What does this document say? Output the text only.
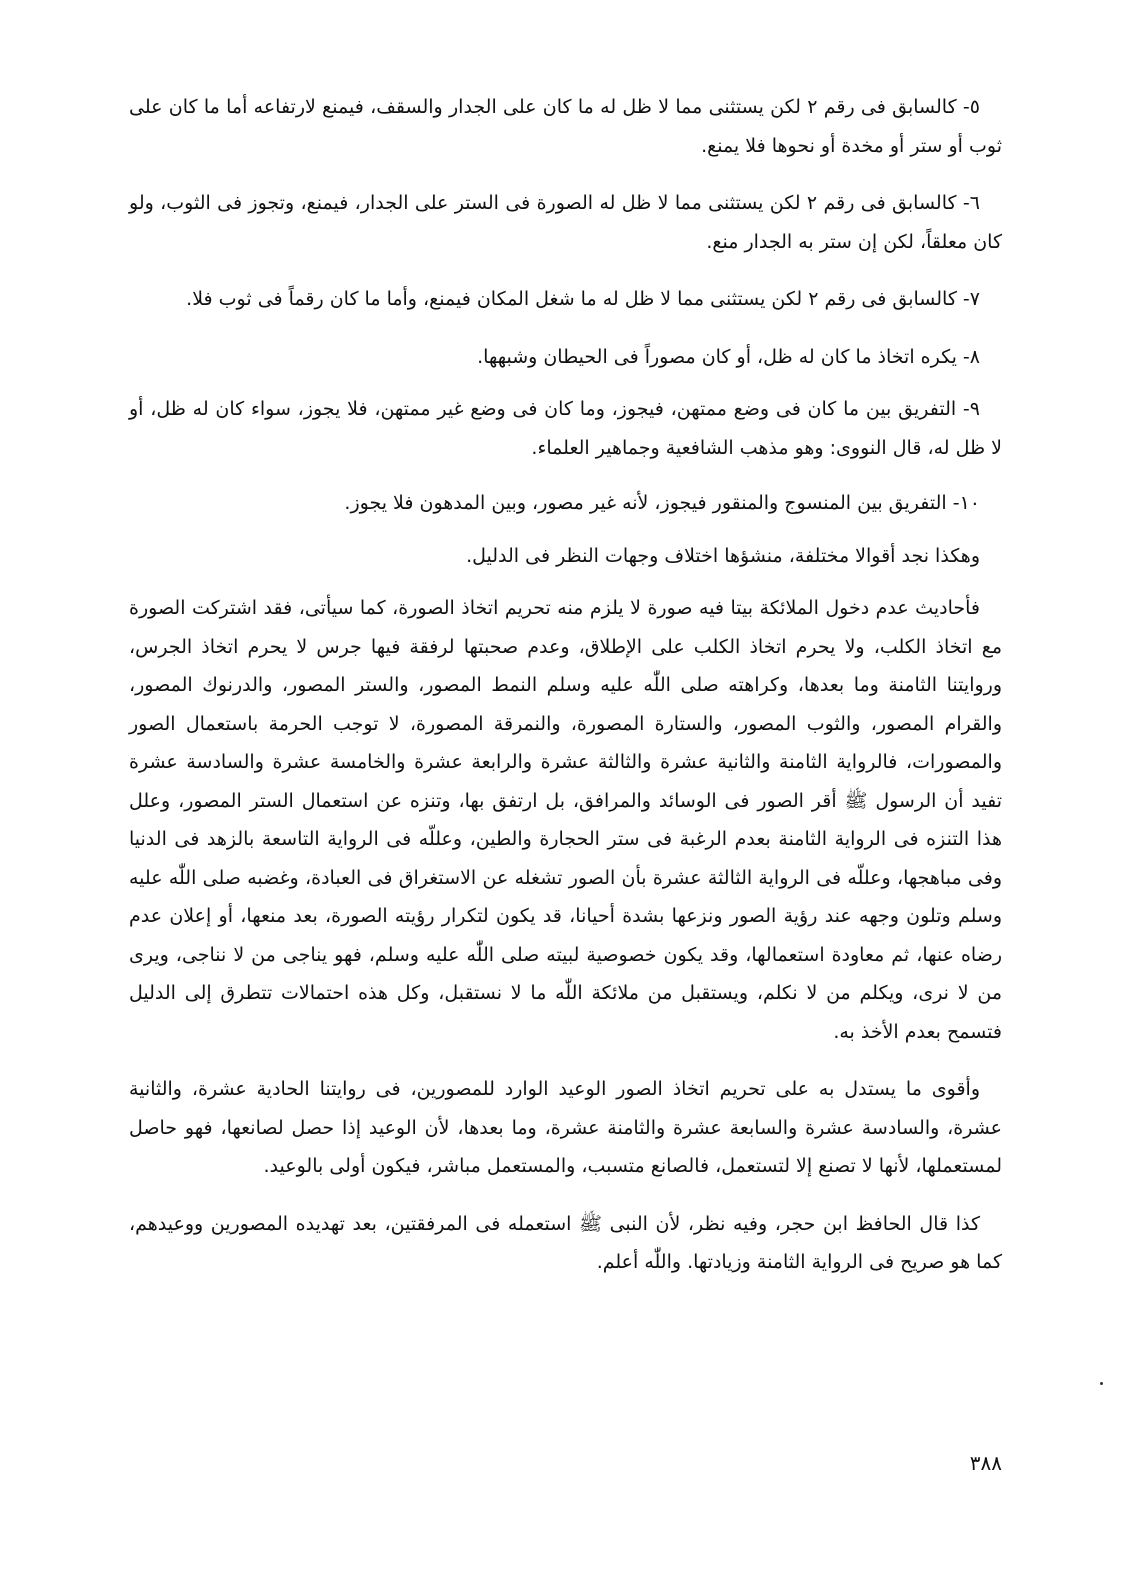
٥- كالسابق فى رقم ٢ لكن يستثنى مما لا ظل له ما كان على الجدار والسقف، فيمنع لارتفاعه أما ما كان على ثوب أو ستر أو مخدة أو نحوها فلا يمنع.

٦- كالسابق فى رقم ٢ لكن يستثنى مما لا ظل له الصورة فى الستر على الجدار، فيمنع، وتجوز فى الثوب، ولو كان معلقاً، لكن إن ستر به الجدار منع.

٧- كالسابق فى رقم ٢ لكن يستثنى مما لا ظل له ما شغل المكان فيمنع، وأما ما كان رقماً فى ثوب فلا.

٨- يكره اتخاذ ما كان له ظل، أو كان مصوراً فى الحيطان وشبهها.

٩- التفريق بين ما كان فى وضع ممتهن، فيجوز، وما كان فى وضع غير ممتهن، فلا يجوز، سواء كان له ظل، أو لا ظل له، قال النووى: وهو مذهب الشافعية وجماهير العلماء.

١٠- التفريق بين المنسوج والمنقور فيجوز، لأنه غير مصور، وبين المدهون فلا يجوز.

وهكذا نجد أقوالا مختلفة، منشؤها اختلاف وجهات النظر فى الدليل.

فأحاديث عدم دخول الملائكة بيتا فيه صورة لا يلزم منه تحريم اتخاذ الصورة، كما سيأتى، فقد اشتركت الصورة مع اتخاذ الكلب، ولا يحرم اتخاذ الكلب على الإطلاق، وعدم صحبتها لرفقة فيها جرس لا يحرم اتخاذ الجرس، وروايتنا الثامنة وما بعدها، وكراهته صلى اللّٰه عليه وسلم النمط المصور، والستر المصور، والدرنوك المصور، والقرام المصور، والثوب المصور، والستارة المصورة، والنمرقة المصورة، لا توجب الحرمة باستعمال الصور والمصورات، فالرواية الثامنة والثانية عشرة والثالثة عشرة والرابعة عشرة والخامسة عشرة والسادسة عشرة تفيد أن الرسول ﷺ أقر الصور فى الوسائد والمرافق، بل ارتفق بها، وتنزه عن استعمال الستر المصور، وعلل هذا التنزه فى الرواية الثامنة بعدم الرغبة فى ستر الحجارة والطين، وعللّه فى الرواية التاسعة بالزهد فى الدنيا وفى مباهجها، وعللّه فى الرواية الثالثة عشرة بأن الصور تشغله عن الاستغراق فى العبادة، وغضبه صلى اللّٰه عليه وسلم وتلون وجهه عند رؤية الصور ونزعها بشدة أحيانا، قد يكون لتكرار رؤيته الصورة، بعد منعها، أو إعلان عدم رضاه عنها، ثم معاودة استعمالها، وقد يكون خصوصية لبيته صلى اللّٰه عليه وسلم، فهو يناجى من لا نناجى، ويرى من لا نرى، ويكلم من لا نكلم، ويستقبل من ملائكة اللّٰه ما لا نستقبل، وكل هذه احتمالات تتطرق إلى الدليل فتسمح بعدم الأخذ به.

وأقوى ما يستدل به على تحريم اتخاذ الصور الوعيد الوارد للمصورين، فى روايتنا الحادية عشرة، والثانية عشرة، والسادسة عشرة والسابعة عشرة والثامنة عشرة، وما بعدها، لأن الوعيد إذا حصل لصانعها، فهو حاصل لمستعملها، لأنها لا تصنع إلا لتستعمل، فالصانع متسبب، والمستعمل مباشر، فيكون أولى بالوعيد.

كذا قال الحافظ ابن حجر، وفيه نظر، لأن النبى ﷺ استعمله فى المرفقتين، بعد تهديده المصورين ووعيدهم، كما هو صريح فى الرواية الثامنة وزيادتها. واللّٰه أعلم.

٣٨٨
